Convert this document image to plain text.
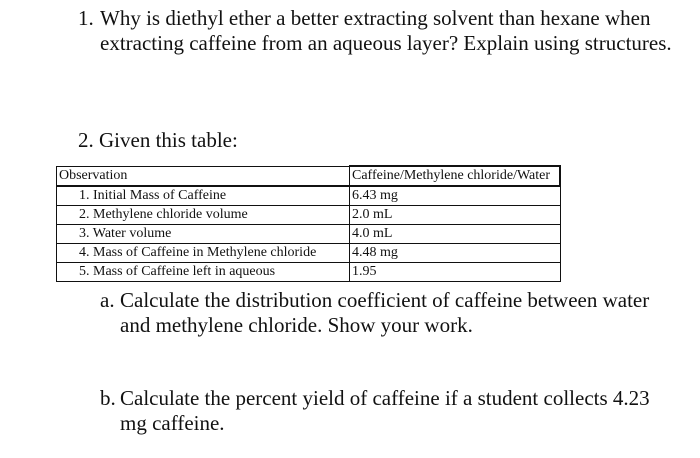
1. Why is diethyl ether a better extracting solvent than hexane when extracting caffeine from an aqueous layer? Explain using structures.
2. Given this table:
Observation	Caffeine/Methylene chloride/Water
1. Initial Mass of Caffeine	6.43 mg
2. Methylene chloride volume	2.0 mL
3. Water volume	4.0 mL
4. Mass of Caffeine in Methylene chloride	4.48 mg
5. Mass of Caffeine left in aqueous	1.95
a. Calculate the distribution coefficient of caffeine between water and methylene chloride. Show your work.
b. Calculate the percent yield of caffeine if a student collects 4.23 mg caffeine.
